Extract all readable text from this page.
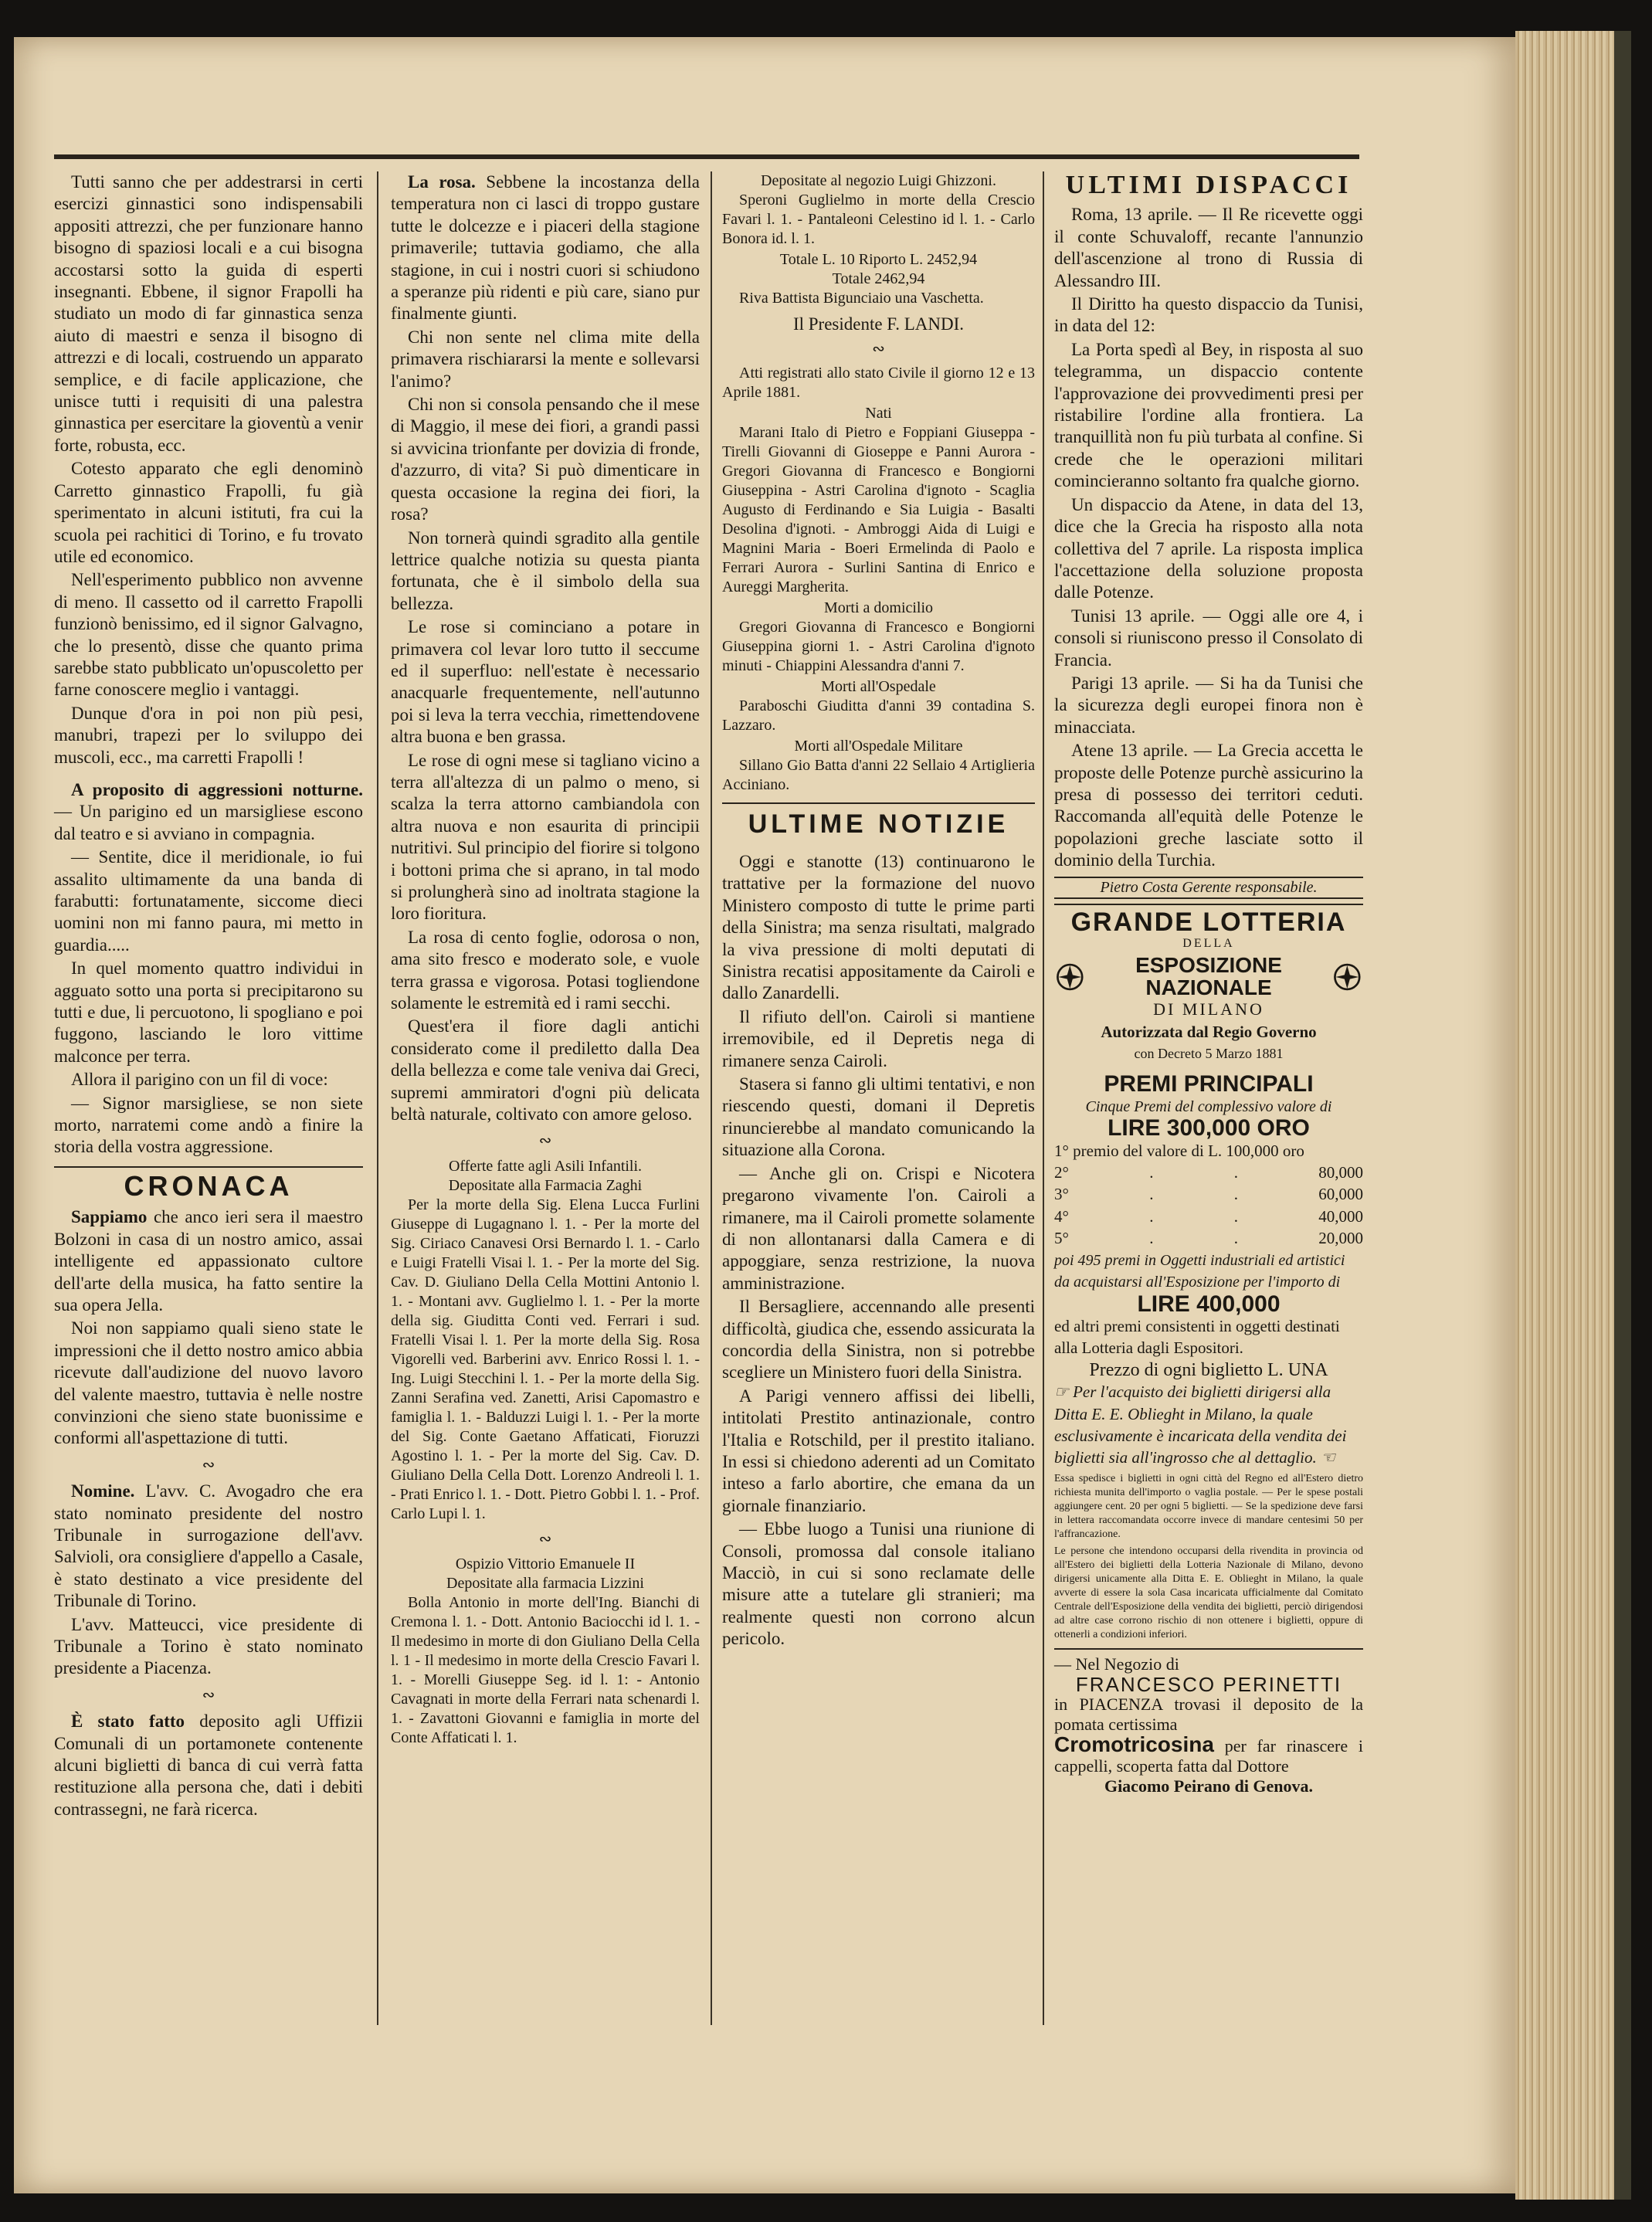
Tutti sanno che per addestrarsi in certi esercizi ginnastici sono indispensabili appositi attrezzi, che per funzionare hanno bisogno di spaziosi locali e a cui bisogna accostarsi sotto la guida di esperti insegnanti. Ebbene, il signor Frapolli ha studiato un modo di far ginnastica senza aiuto di maestri e senza il bisogno di attrezzi e di locali, costruendo un apparato semplice, e di facile applicazione, che unisce tutti i requisiti di una palestra ginnastica per esercitare la gioventù a venir forte, robusta, ecc.

Cotesto apparato che egli denominò Carretto ginnastico Frapolli, fu già sperimentato in alcuni istituti, fra cui la scuola pei rachitici di Torino, e fu trovato utile ed economico.

Nell'esperimento pubblico non avvenne di meno. Il cassetto od il carretto Frapolli funzionò benissimo, ed il signor Galvagno, che lo presentò, disse che quanto prima sarebbe stato pubblicato un'opuscoletto per farne conoscere meglio i vantaggi.

Dunque d'ora in poi non più pesi, manubri, trapezi per lo sviluppo dei muscoli, ecc., ma carretti Frapolli !

A proposito di aggressioni notturne. — Un parigino ed un marsigliese escono dal teatro e si avviano in compagnia.

— Sentite, dice il meridionale, io fui assalito ultimamente da una banda di farabutti: fortunatamente, siccome dieci uomini non mi fanno paura, mi metto in guardia.....

In quel momento quattro individui in agguato sotto una porta si precipitarono su tutti e due, li percuotono, li spogliano e poi fuggono, lasciando le loro vittime malconce per terra.

Allora il parigino con un fil di voce:

— Signor marsigliese, se non siete morto, narratemi come andò a finire la storia della vostra aggressione.

CRONACA

Sappiamo che anco ieri sera il maestro Bolzoni in casa di un nostro amico, assai intelligente ed appassionato cultore dell'arte della musica, ha fatto sentire la sua opera Jella.

Noi non sappiamo quali sieno state le impressioni che il detto nostro amico abbia ricevute dall'audizione del nuovo lavoro del valente maestro, tuttavia è nelle nostre convinzioni che sieno state buonissime e conformi all'aspettazione di tutti.

∾

Nomine. L'avv. C. Avogadro che era stato nominato presidente del nostro Tribunale in surrogazione dell'avv. Salvioli, ora consigliere d'appello a Casale, è stato destinato a vice presidente del Tribunale di Torino.

L'avv. Matteucci, vice presidente di Tribunale a Torino è stato nominato presidente a Piacenza.

∾

È stato fatto deposito agli Uffizii Comunali di un portamonete contenente alcuni biglietti di banca di cui verrà fatta restituzione alla persona che, dati i debiti contrassegni, ne farà ricerca.

La rosa. Sebbene la incostanza della temperatura non ci lasci di troppo gustare tutte le dolcezze e i piaceri della stagione primaverile; tuttavia godiamo, che alla stagione, in cui i nostri cuori si schiudono a speranze più ridenti e più care, siano pur finalmente giunti.

Chi non sente nel clima mite della primavera rischiararsi la mente e sollevarsi l'animo?

Chi non si consola pensando che il mese di Maggio, il mese dei fiori, a grandi passi si avvicina trionfante per dovizia di fronde, d'azzurro, di vita? Si può dimenticare in questa occasione la regina dei fiori, la rosa?

Non tornerà quindi sgradito alla gentile lettrice qualche notizia su questa pianta fortunata, che è il simbolo della sua bellezza.

Le rose si cominciano a potare in primavera col levar loro tutto il seccume ed il superfluo: nell'estate è necessario anacquarle frequentemente, nell'autunno poi si leva la terra vecchia, rimettendovene altra buona e ben grassa.

Le rose di ogni mese si tagliano vicino a terra all'altezza di un palmo o meno, si scalza la terra attorno cambiandola con altra nuova e non esaurita di principii nutritivi. Sul principio del fiorire si tolgono i bottoni prima che si aprano, in tal modo si prolungherà sino ad inoltrata stagione la loro fioritura.

La rosa di cento foglie, odorosa o non, ama sito fresco e moderato sole, e vuole terra grassa e vigorosa. Potasi togliendone solamente le estremità ed i rami secchi.

Quest'era il fiore dagli antichi considerato come il prediletto dalla Dea della bellezza e come tale veniva dai Greci, supremi ammiratori d'ogni più delicata beltà naturale, coltivato con amore geloso.

∾
Offerte fatte agli Asili Infantili.
Depositate alla Farmacia Zaghi

Per la morte della Sig. Elena Lucca Furlini Giuseppe di Lugagnano l. 1. - Per la morte del Sig. Ciriaco Canavesi Orsi Bernardo l. 1. - Carlo e Luigi Fratelli Visai l. 1. - Per la morte del Sig. Cav. D. Giuliano Della Cella Mottini Antonio l. 1. - Montani avv. Guglielmo l. 1. - Per la morte della sig. Giuditta Conti ved. Ferrari i sud. Fratelli Visai l. 1. Per la morte della Sig. Rosa Vigorelli ved. Barberini avv. Enrico Rossi l. 1. - Ing. Luigi Stecchini l. 1. - Per la morte della Sig. Zanni Serafina ved. Zanetti, Arisi Capomastro e famiglia l. 1. - Balduzzi Luigi l. 1. - Per la morte del Sig. Conte Gaetano Affaticati, Fioruzzi Agostino l. 1. - Per la morte del Sig. Cav. D. Giuliano Della Cella Dott. Lorenzo Andreoli l. 1. - Prati Enrico l. 1. - Dott. Pietro Gobbi l. 1. - Prof. Carlo Lupi l. 1.

∾
Ospizio Vittorio Emanuele II
Depositate alla farmacia Lizzini

Bolla Antonio in morte dell'Ing. Bianchi di Cremona l. 1. - Dott. Antonio Baciocchi id l. 1. - Il medesimo in morte di don Giuliano Della Cella l. 1 - Il medesimo in morte della Crescio Favari l. 1. - Morelli Giuseppe Seg. id l. 1: - Antonio Cavagnati in morte della Ferrari nata schenardi l. 1. - Zavattoni Giovanni e famiglia in morte del Conte Affaticati l. 1.

Depositate al negozio Luigi Ghizzoni.

Speroni Guglielmo in morte della Crescio Favari l. 1. - Pantaleoni Celestino id l. 1. - Carlo Bonora id. l. 1.

Totale L. 10 Riporto L. 2452,94
Totale 2462,94

Riva Battista Bigunciaio una Vaschetta.

Il Presidente F. LANDI.
∾

Atti registrati allo stato Civile il giorno 12 e 13 Aprile 1881.

Nati

Marani Italo di Pietro e Foppiani Giuseppa - Tirelli Giovanni di Gioseppe e Panni Aurora - Gregori Giovanna di Francesco e Bongiorni Giuseppina - Astri Carolina d'ignoto - Scaglia Augusto di Ferdinando e Sia Luigia - Basalti Desolina d'ignoti. - Ambroggi Aida di Luigi e Magnini Maria - Boeri Ermelinda di Paolo e Ferrari Aurora - Surlini Santina di Enrico e Aureggi Margherita.

Morti a domicilio

Gregori Giovanna di Francesco e Bongiorni Giuseppina giorni 1. - Astri Carolina d'ignoto minuti - Chiappini Alessandra d'anni 7.

Morti all'Ospedale

Paraboschi Giuditta d'anni 39 contadina S. Lazzaro.

Morti all'Ospedale Militare

Sillano Gio Batta d'anni 22 Sellaio 4 Artiglieria Acciniano.

ULTIME NOTIZIE

Oggi e stanotte (13) continuarono le trattative per la formazione del nuovo Ministero composto di tutte le prime parti della Sinistra; ma senza risultati, malgrado la viva pressione di molti deputati di Sinistra recatisi appositamente da Cairoli e dallo Zanardelli.

Il rifiuto dell'on. Cairoli si mantiene irremovibile, ed il Depretis nega di rimanere senza Cairoli.

Stasera si fanno gli ultimi tentativi, e non riescendo questi, domani il Depretis rinuncierebbe al mandato comunicando la situazione alla Corona.

— Anche gli on. Crispi e Nicotera pregarono vivamente l'on. Cairoli a rimanere, ma il Cairoli promette solamente di non allontanarsi dalla Camera e di appoggiare, senza restrizione, la nuova amministrazione.

Il Bersagliere, accennando alle presenti difficoltà, giudica che, essendo assicurata la concordia della Sinistra, non si potrebbe scegliere un Ministero fuori della Sinistra.

A Parigi vennero affissi dei libelli, intitolati Prestito antinazionale, contro l'Italia e Rotschild, per il prestito italiano. In essi si chiedono aderenti ad un Comitato inteso a farlo abortire, che emana da un giornale finanziario.

— Ebbe luogo a Tunisi una riunione di Consoli, promossa dal console italiano Macciò, in cui si sono reclamate delle misure atte a tutelare gli stranieri; ma realmente questi non corrono alcun pericolo.

ULTIMI DISPACCI

Roma, 13 aprile. — Il Re ricevette oggi il conte Schuvaloff, recante l'annunzio dell'ascenzione al trono di Russia di Alessandro III.

Il Diritto ha questo dispaccio da Tunisi, in data del 12:

La Porta spedì al Bey, in risposta al suo telegramma, un dispaccio contente l'approvazione dei provvedimenti presi per ristabilire l'ordine alla frontiera. La tranquillità non fu più turbata al confine. Si crede che le operazioni militari comincieranno soltanto fra qualche giorno.

Un dispaccio da Atene, in data del 13, dice che la Grecia ha risposto alla nota collettiva del 7 aprile. La risposta implica l'accettazione della soluzione proposta dalle Potenze.

Tunisi 13 aprile. — Oggi alle ore 4, i consoli si riuniscono presso il Consolato di Francia.

Parigi 13 aprile. — Si ha da Tunisi che la sicurezza degli europei finora non è minacciata.

Atene 13 aprile. — La Grecia accetta le proposte delle Potenze purchè assicurino la presa di possesso dei territori ceduti. Raccomanda all'equità delle Potenze le popolazioni greche lasciate sotto il dominio della Turchia.

Pietro Costa Gerente responsabile.
GRANDE LOTTERIA
DELLA
ESPOSIZIONE NAZIONALE
DI MILANO
Autorizzata dal Regio Governo
con Decreto 5 Marzo 1881
PREMI PRINCIPALI
Cinque Premi del complessivo valore di
LIRE 300,000 ORO
1° premio del valore di L. 100,000 oro
2°	.	.	80,000
3°	.	.	60,000
4°	.	.	40,000
5°	.	.	20,000
poi 495 premi in Oggetti industriali ed artistici da acquistarsi all'Esposizione per l'importo di
LIRE 400,000
ed altri premi consistenti in oggetti destinati alla Lotteria dagli Espositori.
Prezzo di ogni biglietto L. UNA
☞ Per l'acquisto dei biglietti dirigersi alla Ditta E. E. Oblieght in Milano, la quale esclusivamente è incaricata della vendita dei biglietti sia all'ingrosso che al dettaglio. ☜
Essa spedisce i biglietti in ogni città del Regno ed all'Estero dietro richiesta munita dell'importo o vaglia postale. — Per le spese postali aggiungere cent. 20 per ogni 5 biglietti. — Se la spedizione deve farsi in lettera raccomandata occorre invece di mandare centesimi 50 per l'affrancazione.
Le persone che intendono occuparsi della rivendita in provincia od all'Estero dei biglietti della Lotteria Nazionale di Milano, devono dirigersi unicamente alla Ditta E. E. Oblieght in Milano, la quale avverte di essere la sola Casa incaricata ufficialmente dal Comitato Centrale dell'Esposizione della vendita dei biglietti, perciò dirigendosi ad altre case corrono rischio di non ottenere i biglietti, oppure di ottenerli a condizioni inferiori.
— Nel Negozio di
FRANCESCO PERINETTI
in PIACENZA trovasi il deposito de la pomata certissima
Cromotricosina per far rinascere i cappelli, scoperta fatta dal Dottore
Giacomo Peirano di Genova.
